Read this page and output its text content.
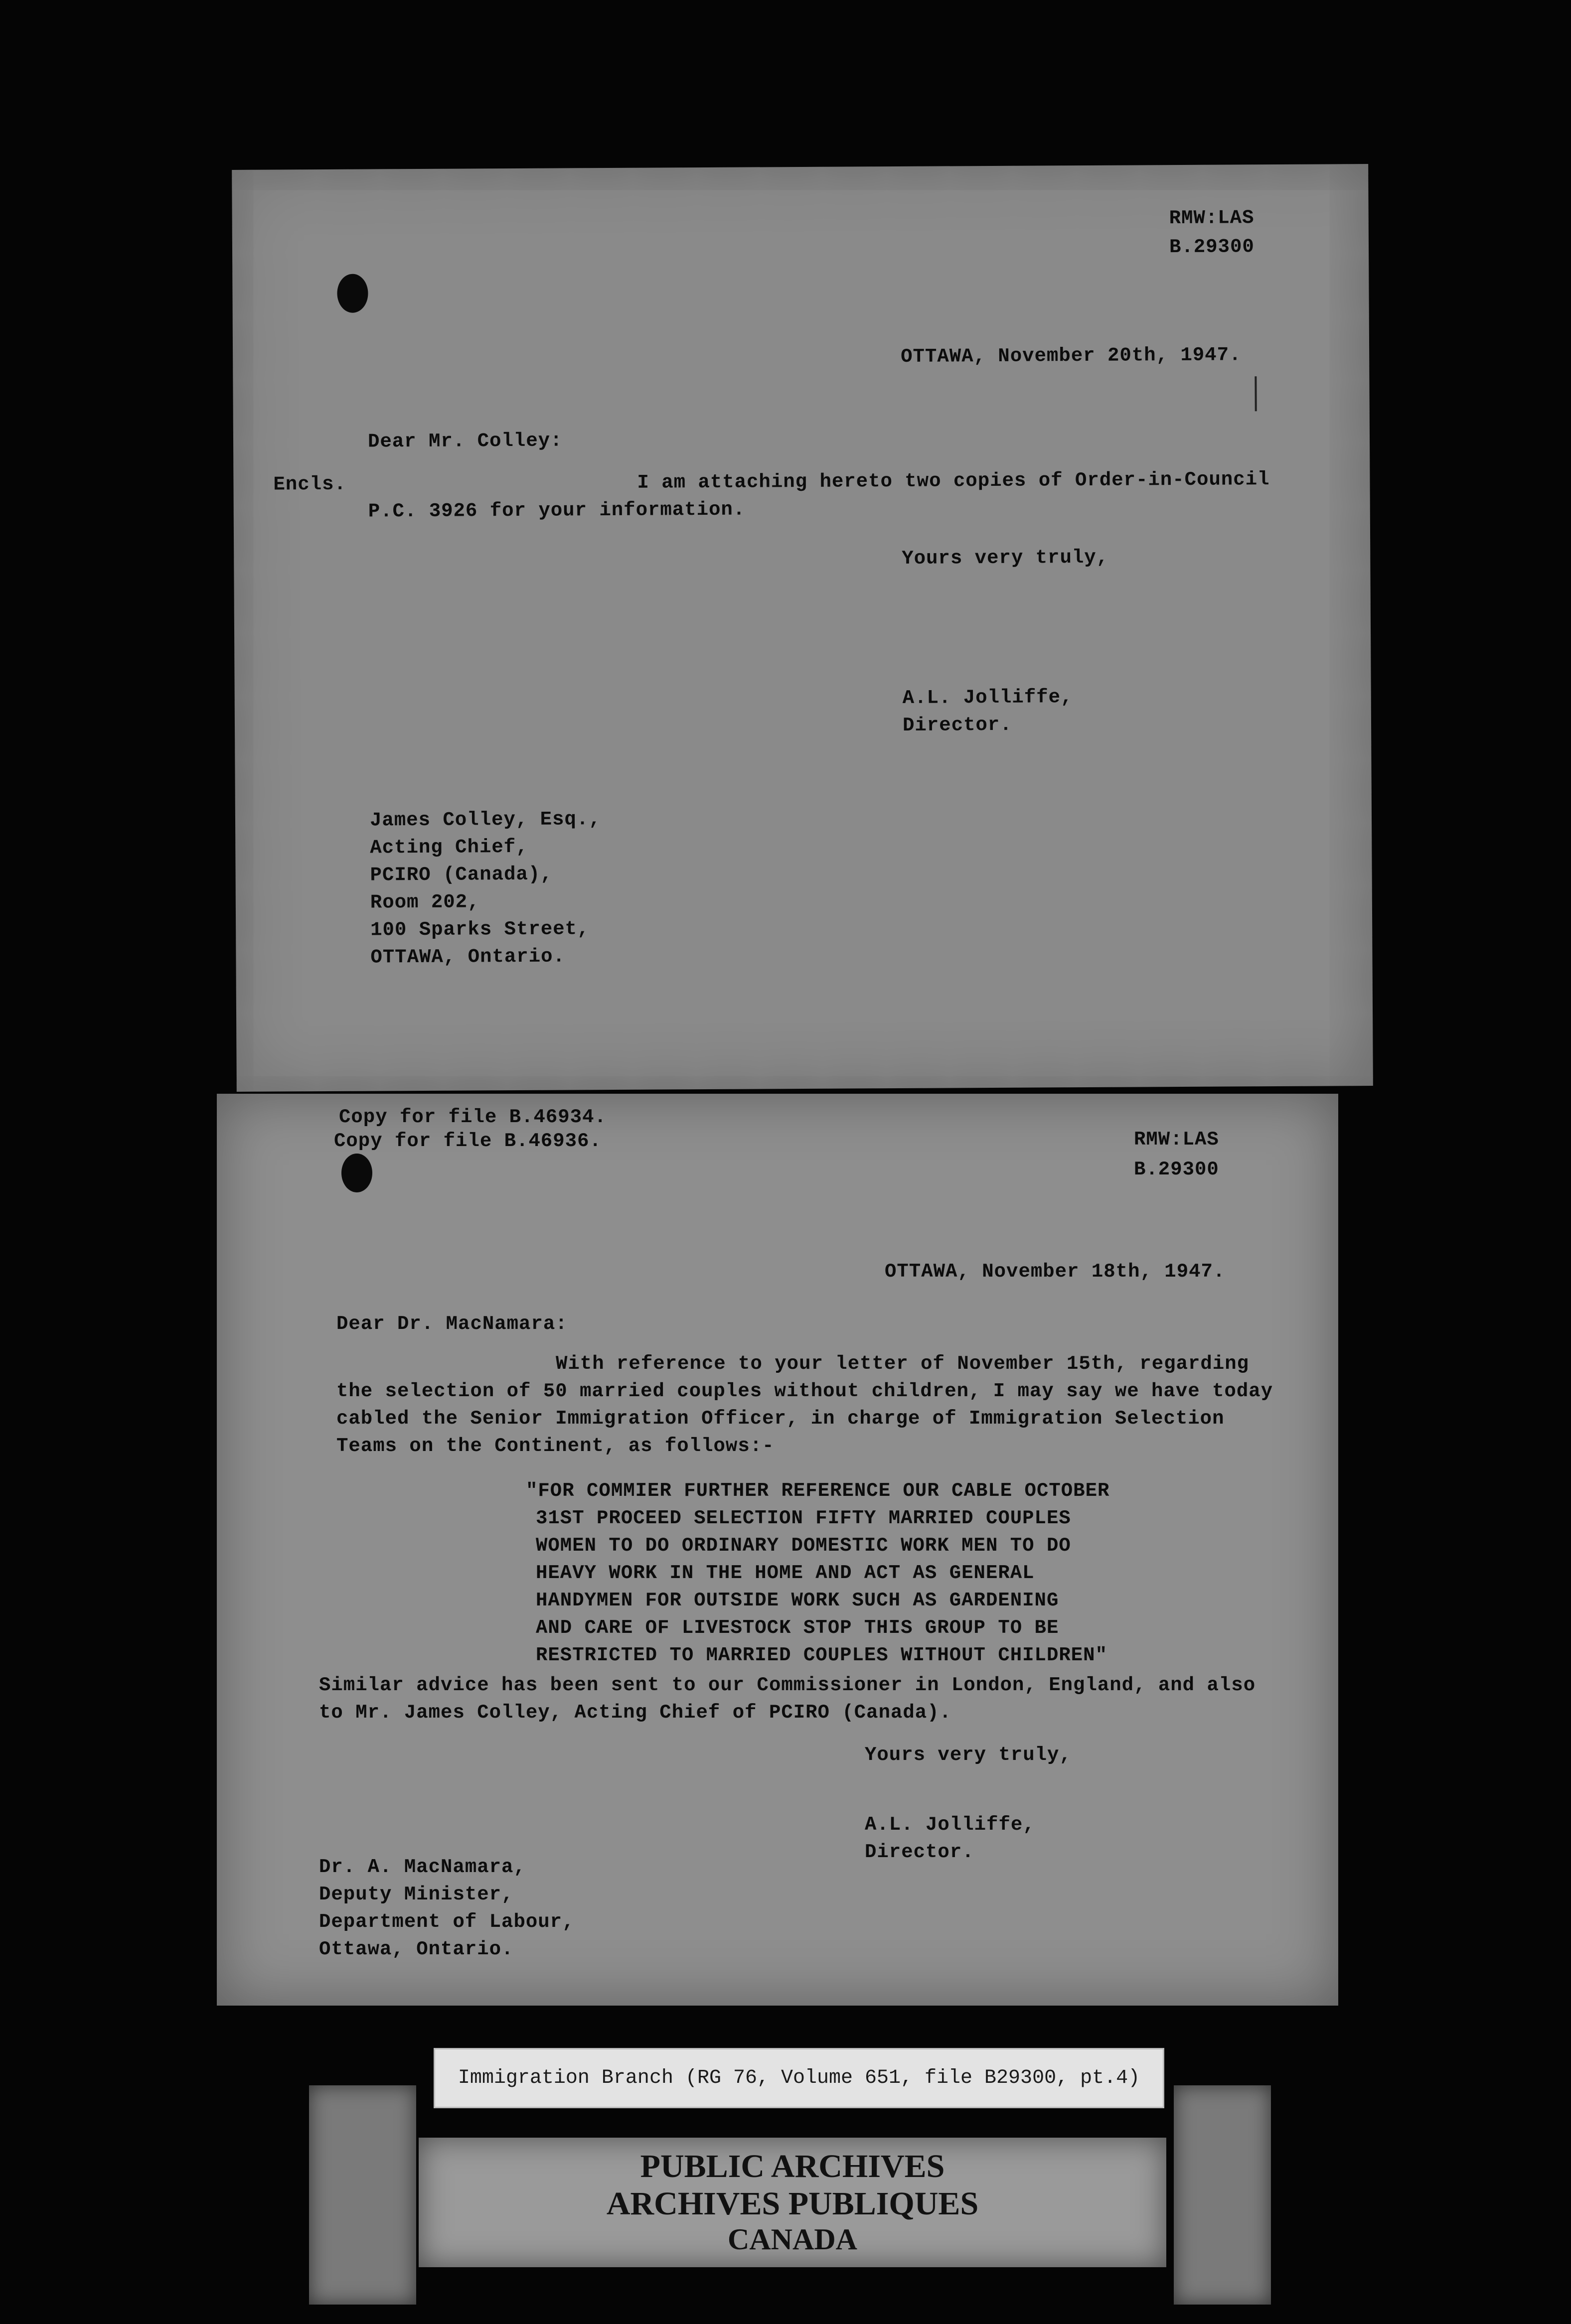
RMW:LAS
B.29300
OTTAWA, November 20th, 1947.
Dear Mr. Colley:
Encls.	I am attaching hereto two copies of Order-in-Council
P.C. 3926 for your information.
Yours very truly,
A.L. Jolliffe,
Director.
James Colley, Esq.,
Acting Chief,
PCIRO (Canada),
Room 202,
100 Sparks Street,
OTTAWA, Ontario.
Copy for file B.46934.
Copy for file B.46936.	RMW:LAS
B.29300
OTTAWA, November 18th, 1947.
Dear Dr. MacNamara:
With reference to your letter of November 15th, regarding
the selection of 50 married couples without children, I may say we have today
cabled the Senior Immigration Officer, in charge of Immigration Selection
Teams on the Continent, as follows:-
"FOR COMMIER FURTHER REFERENCE OUR CABLE OCTOBER
31ST PROCEED SELECTION FIFTY MARRIED COUPLES
WOMEN TO DO ORDINARY DOMESTIC WORK MEN TO DO
HEAVY WORK IN THE HOME AND ACT AS GENERAL
HANDYMEN FOR OUTSIDE WORK SUCH AS GARDENING
AND CARE OF LIVESTOCK STOP THIS GROUP TO BE
RESTRICTED TO MARRIED COUPLES WITHOUT CHILDREN"
Similar advice has been sent to our Commissioner in London, England, and also
to Mr. James Colley, Acting Chief of PCIRO (Canada).
Yours very truly,
A.L. Jolliffe,
Director.
Dr. A. MacNamara,
Deputy Minister,
Department of Labour,
Ottawa, Ontario.
Immigration Branch (RG 76, Volume 651, file B29300, pt.4)
PUBLIC ARCHIVES
ARCHIVES PUBLIQUES
CANADA
